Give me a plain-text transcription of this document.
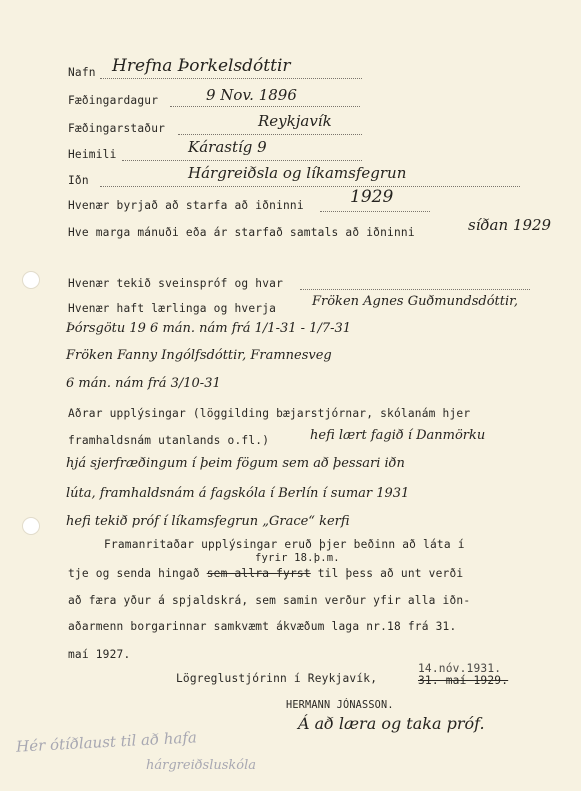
Nafn Hrefna Þorkelsdóttir
Fæðingardagur	9 Nov. 1896
Fæðingarstaður	Reykjavík
Heimili	Kárastíg 9
Iðn	Hárgreiðsla og líkamsfegrun
Hvenær byrjað að starfa að iðninni	1929
Hve marga mánuði eða ár starfað samtals að iðninni	síðan 1929
Hvenær tekið sveinspróf og hvar
Hvenær haft lærlinga og hverja	Fröken Agnes Guðmundsdóttir,
Þórsgötu 19 6 mán. nám frá 1/1-31 - 1/7-31
Fröken Fanny Ingólfsdóttir, Framnesveg
6 mán. nám frá 3/10-31
Aðrar upplýsingar (löggilding bæjarstjórnar, skólanám hjer
framhaldsnám utanlands o.fl.)	hefi lært fagið í Danmörku
hjá sjerfræðingum í þeim fögum sem að þessari iðn
lúta, framhaldsnám á fagskóla í Berlín í sumar 1931
hefi tekið próf í líkamsfegrun „Grace“ kerfi
Framanritaðar upplýsingar eruð þjer beðinn að láta í
fyrir 18.þ.m.
tje og senda hingað sem allra fyrst til þess að unt verði
að færa yður á spjaldskrá, sem samin verður yfir alla iðn-
aðarmenn borgarinnar samkvæmt ákvæðum laga nr.18 frá 31.
maí 1927.
Lögreglustjórinn í Reykjavík,
14.nóv.1931.
31. maí 1929.
HERMANN JÓNASSON.
Á að læra og taka próf.
Hér ótíðlaust til að hafa
hárgreiðsluskóla
